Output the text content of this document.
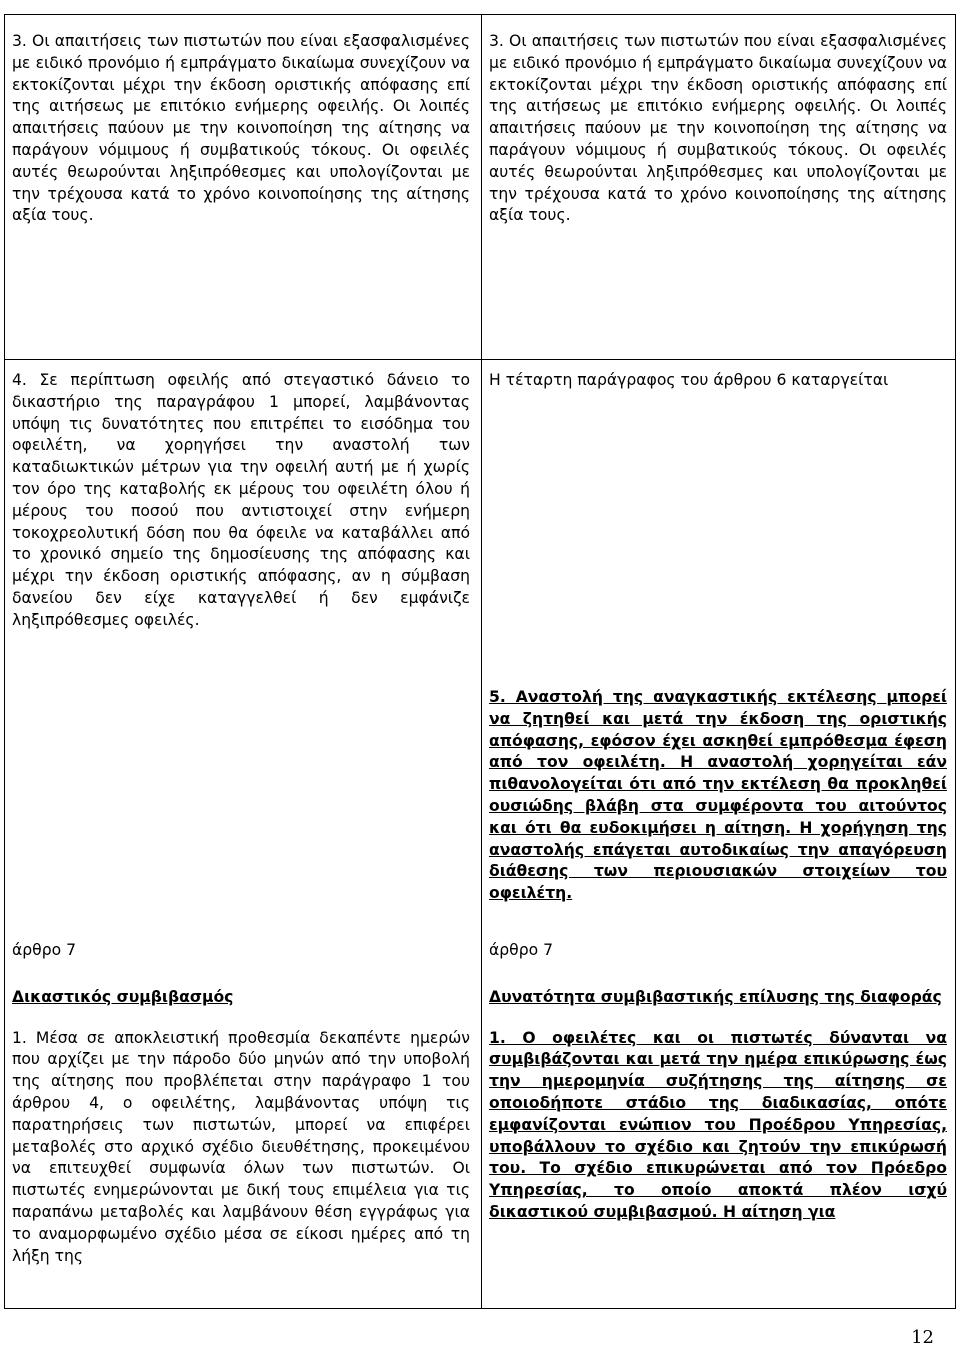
3. Οι απαιτήσεις των πιστωτών που είναι εξασφαλισμένες με ειδικό προνόμιο ή εμπράγματο δικαίωμα συνεχίζουν να εκτοκίζονται μέχρι την έκδοση οριστικής απόφασης επί της αιτήσεως με επιτόκιο ενήμερης οφειλής. Οι λοιπές απαιτήσεις παύουν με την κοινοποίηση της αίτησης να παράγουν νόμιμους ή συμβατικούς τόκους. Οι οφειλές αυτές θεωρούνται ληξιπρόθεσμες και υπολογίζονται με την τρέχουσα κατά το χρόνο κοινοποίησης της αίτησης αξία τους.

3. Οι απαιτήσεις των πιστωτών που είναι εξασφαλισμένες με ειδικό προνόμιο ή εμπράγματο δικαίωμα συνεχίζουν να εκτοκίζονται μέχρι την έκδοση οριστικής απόφασης επί της αιτήσεως με επιτόκιο ενήμερης οφειλής. Οι λοιπές απαιτήσεις παύουν με την κοινοποίηση της αίτησης να παράγουν νόμιμους ή συμβατικούς τόκους. Οι οφειλές αυτές θεωρούνται ληξιπρόθεσμες και υπολογίζονται με την τρέχουσα κατά το χρόνο κοινοποίησης της αίτησης αξία τους.

4. Σε περίπτωση οφειλής από στεγαστικό δάνειο το δικαστήριο της παραγράφου 1 μπορεί, λαμβάνοντας υπόψη τις δυνατότητες που επιτρέπει το εισόδημα του οφειλέτη, να χορηγήσει την αναστολή των καταδιωκτικών μέτρων για την οφειλή αυτή με ή χωρίς τον όρο της καταβολής εκ μέρους του οφειλέτη όλου ή μέρους του ποσού που αντιστοιχεί στην ενήμερη τοκοχρεολυτική δόση που θα όφειλε να καταβάλλει από το χρονικό σημείο της δημοσίευσης της απόφασης και μέχρι την έκδοση οριστικής απόφασης, αν η σύμβαση δανείου δεν είχε καταγγελθεί ή δεν εμφάνιζε ληξιπρόθεσμες οφειλές.

Η τέταρτη παράγραφος του άρθρου 6 καταργείται

5. Αναστολή της αναγκαστικής εκτέλεσης μπορεί να ζητηθεί και μετά την έκδοση της οριστικής απόφασης, εφόσον έχει ασκηθεί εμπρόθεσμα έφεση από τον οφειλέτη. Η αναστολή χορηγείται εάν πιθανολογείται ότι από την εκτέλεση θα προκληθεί ουσιώδης βλάβη στα συμφέροντα του αιτούντος και ότι θα ευδοκιμήσει η αίτηση. Η χορήγηση της αναστολής επάγεται αυτοδικαίως την απαγόρευση διάθεσης των περιουσιακών στοιχείων του οφειλέτη.

άρθρο 7

Δικαστικός συμβιβασμός

1. Μέσα σε αποκλειστική προθεσμία δεκαπέντε ημερών που αρχίζει με την πάροδο δύο μηνών από την υποβολή της αίτησης που προβλέπεται στην παράγραφο 1 του άρθρου 4, ο οφειλέτης, λαμβάνοντας υπόψη τις παρατηρήσεις των πιστωτών, μπορεί να επιφέρει μεταβολές στο αρχικό σχέδιο διευθέτησης, προκειμένου να επιτευχθεί συμφωνία όλων των πιστωτών. Οι πιστωτές ενημερώνονται με δική τους επιμέλεια για τις παραπάνω μεταβολές και λαμβάνουν θέση εγγράφως για το αναμορφωμένο σχέδιο μέσα σε είκοσι ημέρες από τη λήξη της

άρθρο 7

Δυνατότητα συμβιβαστικής επίλυσης της διαφοράς

1. Ο οφειλέτες και οι πιστωτές δύνανται να συμβιβάζονται και μετά την ημέρα επικύρωσης έως την ημερομηνία συζήτησης της αίτησης σε οποιοδήποτε στάδιο της διαδικασίας, οπότε εμφανίζονται ενώπιον του Προέδρου Υπηρεσίας, υποβάλλουν το σχέδιο και ζητούν την επικύρωσή του. Το σχέδιο επικυρώνεται από τον Πρόεδρο Υπηρεσίας, το οποίο αποκτά πλέον ισχύ δικαστικού συμβιβασμού. Η αίτηση για

12
